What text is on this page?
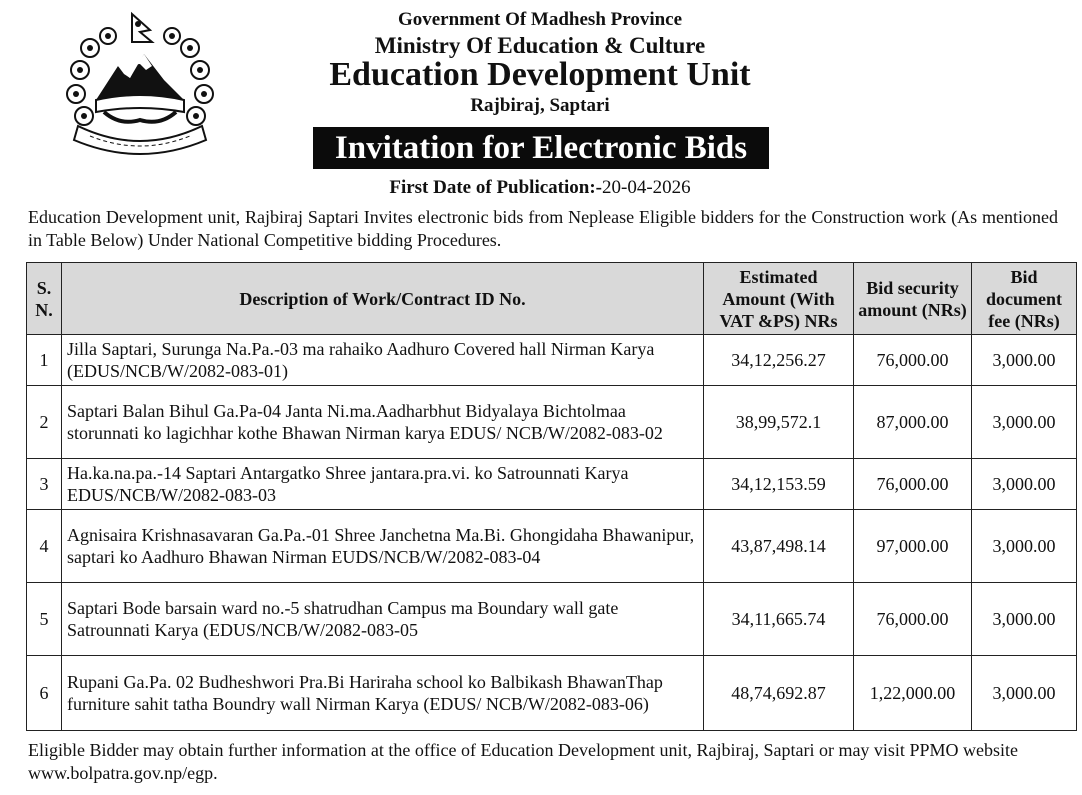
Government Of Madhesh Province
Ministry Of Education & Culture
Education Development Unit
Rajbiraj, Saptari
Invitation for Electronic Bids
First Date of Publication:-20-04-2026
Education Development unit, Rajbiraj Saptari Invites electronic bids from Neplease Eligible bidders for the Construction work (As mentioned in Table Below) Under National Competitive bidding Procedures.
S. N.	Description of Work/Contract ID No.	Estimated Amount (With VAT &PS) NRs	Bid security amount (NRs)	Bid document fee (NRs)
1	Jilla Saptari, Surunga Na.Pa.-03 ma rahaiko Aadhuro Covered hall Nirman Karya (EDUS/NCB/W/2082-083-01)	34,12,256.27	76,000.00	3,000.00
2	Saptari Balan Bihul Ga.Pa-04 Janta Ni.ma.Aadharbhut Bidyalaya Bichtolmaa storunnati ko lagichhar kothe Bhawan Nirman karya EDUS/ NCB/W/2082-083-02	38,99,572.1	87,000.00	3,000.00
3	Ha.ka.na.pa.-14 Saptari Antargatko Shree jantara.pra.vi. ko Satrounnati Karya EDUS/NCB/W/2082-083-03	34,12,153.59	76,000.00	3,000.00
4	Agnisaira Krishnasavaran Ga.Pa.-01 Shree Janchetna Ma.Bi. Ghongidaha Bhawanipur, saptari ko Aadhuro Bhawan Nirman EUDS/NCB/W/2082-083-04	43,87,498.14	97,000.00	3,000.00
5	Saptari Bode barsain ward no.-5 shatrudhan Campus ma Boundary wall gate Satrounnati Karya (EDUS/NCB/W/2082-083-05	34,11,665.74	76,000.00	3,000.00
6	Rupani Ga.Pa. 02 Budheshwori Pra.Bi Hariraha school ko Balbikash BhawanThap furniture sahit tatha Boundry wall Nirman Karya (EDUS/ NCB/W/2082-083-06)	48,74,692.87	1,22,000.00	3,000.00
Eligible Bidder may obtain further information at the office of Education Development unit, Rajbiraj, Saptari or may visit PPMO website www.bolpatra.gov.np/egp.
